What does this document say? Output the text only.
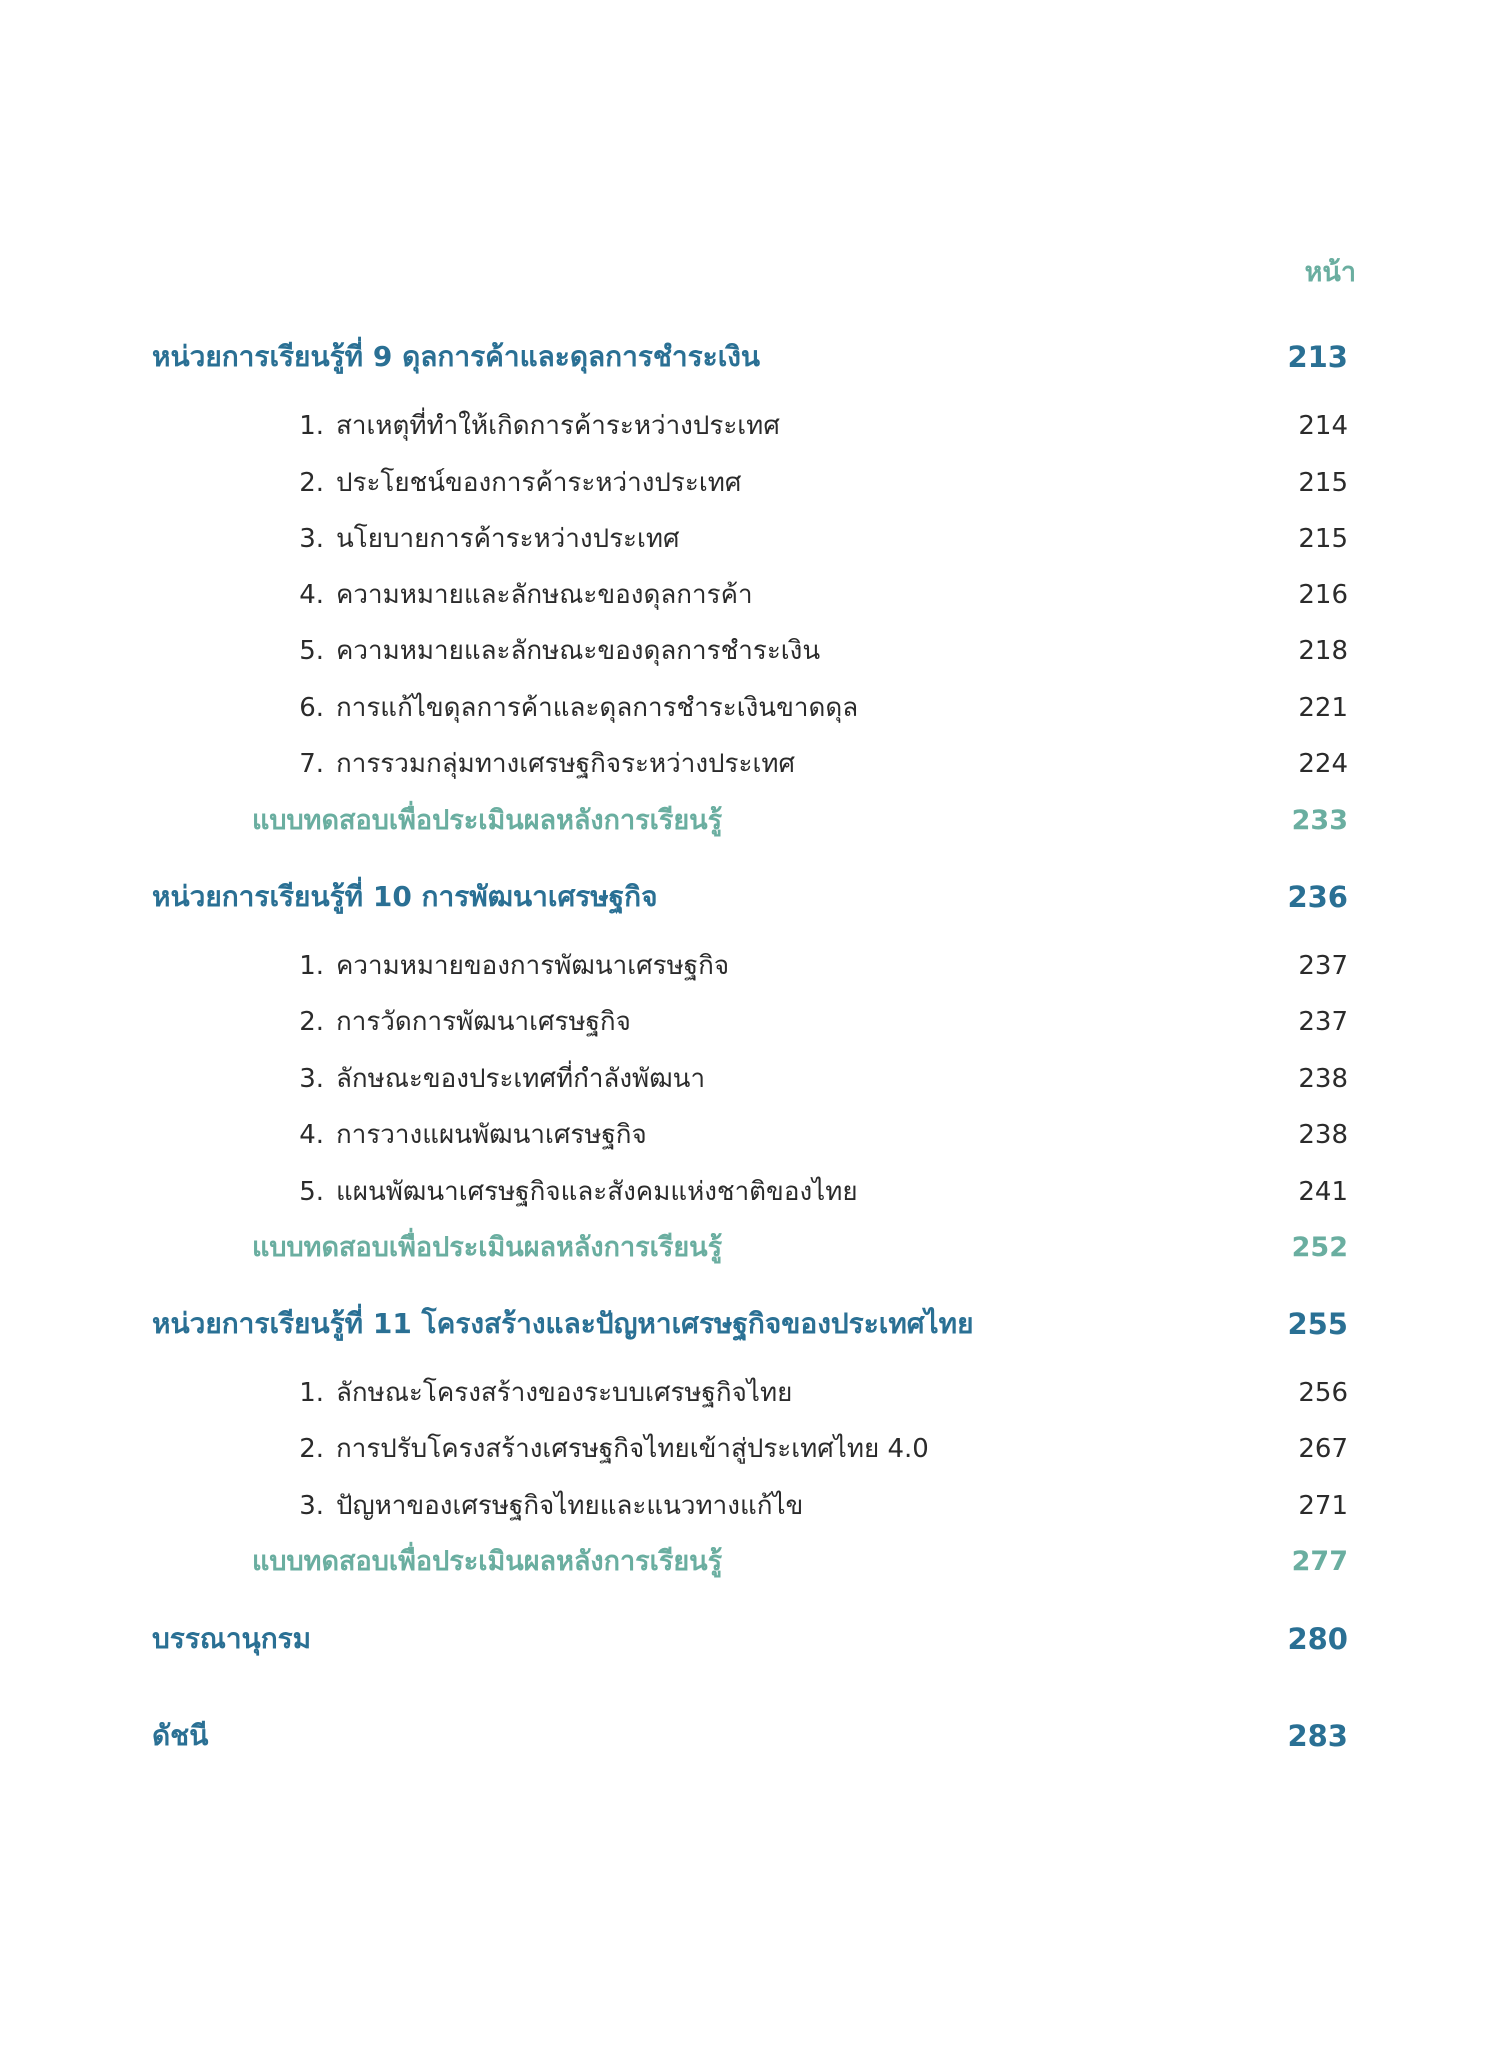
หน้า
หน่วยการเรียนรู้ที่ 9 ดุลการค้าและดุลการชำระเงิน	213
1. สาเหตุที่ทำให้เกิดการค้าระหว่างประเทศ	214
2. ประโยชน์ของการค้าระหว่างประเทศ	215
3. นโยบายการค้าระหว่างประเทศ	215
4. ความหมายและลักษณะของดุลการค้า	216
5. ความหมายและลักษณะของดุลการชำระเงิน	218
6. การแก้ไขดุลการค้าและดุลการชำระเงินขาดดุล	221
7. การรวมกลุ่มทางเศรษฐกิจระหว่างประเทศ	224
แบบทดสอบเพื่อประเมินผลหลังการเรียนรู้	233
หน่วยการเรียนรู้ที่ 10 การพัฒนาเศรษฐกิจ	236
1. ความหมายของการพัฒนาเศรษฐกิจ	237
2. การวัดการพัฒนาเศรษฐกิจ	237
3. ลักษณะของประเทศที่กำลังพัฒนา	238
4. การวางแผนพัฒนาเศรษฐกิจ	238
5. แผนพัฒนาเศรษฐกิจและสังคมแห่งชาติของไทย	241
แบบทดสอบเพื่อประเมินผลหลังการเรียนรู้	252
หน่วยการเรียนรู้ที่ 11 โครงสร้างและปัญหาเศรษฐกิจของประเทศไทย	255
1. ลักษณะโครงสร้างของระบบเศรษฐกิจไทย	256
2. การปรับโครงสร้างเศรษฐกิจไทยเข้าสู่ประเทศไทย 4.0	267
3. ปัญหาของเศรษฐกิจไทยและแนวทางแก้ไข	271
แบบทดสอบเพื่อประเมินผลหลังการเรียนรู้	277
บรรณานุกรม	280
ดัชนี	283
